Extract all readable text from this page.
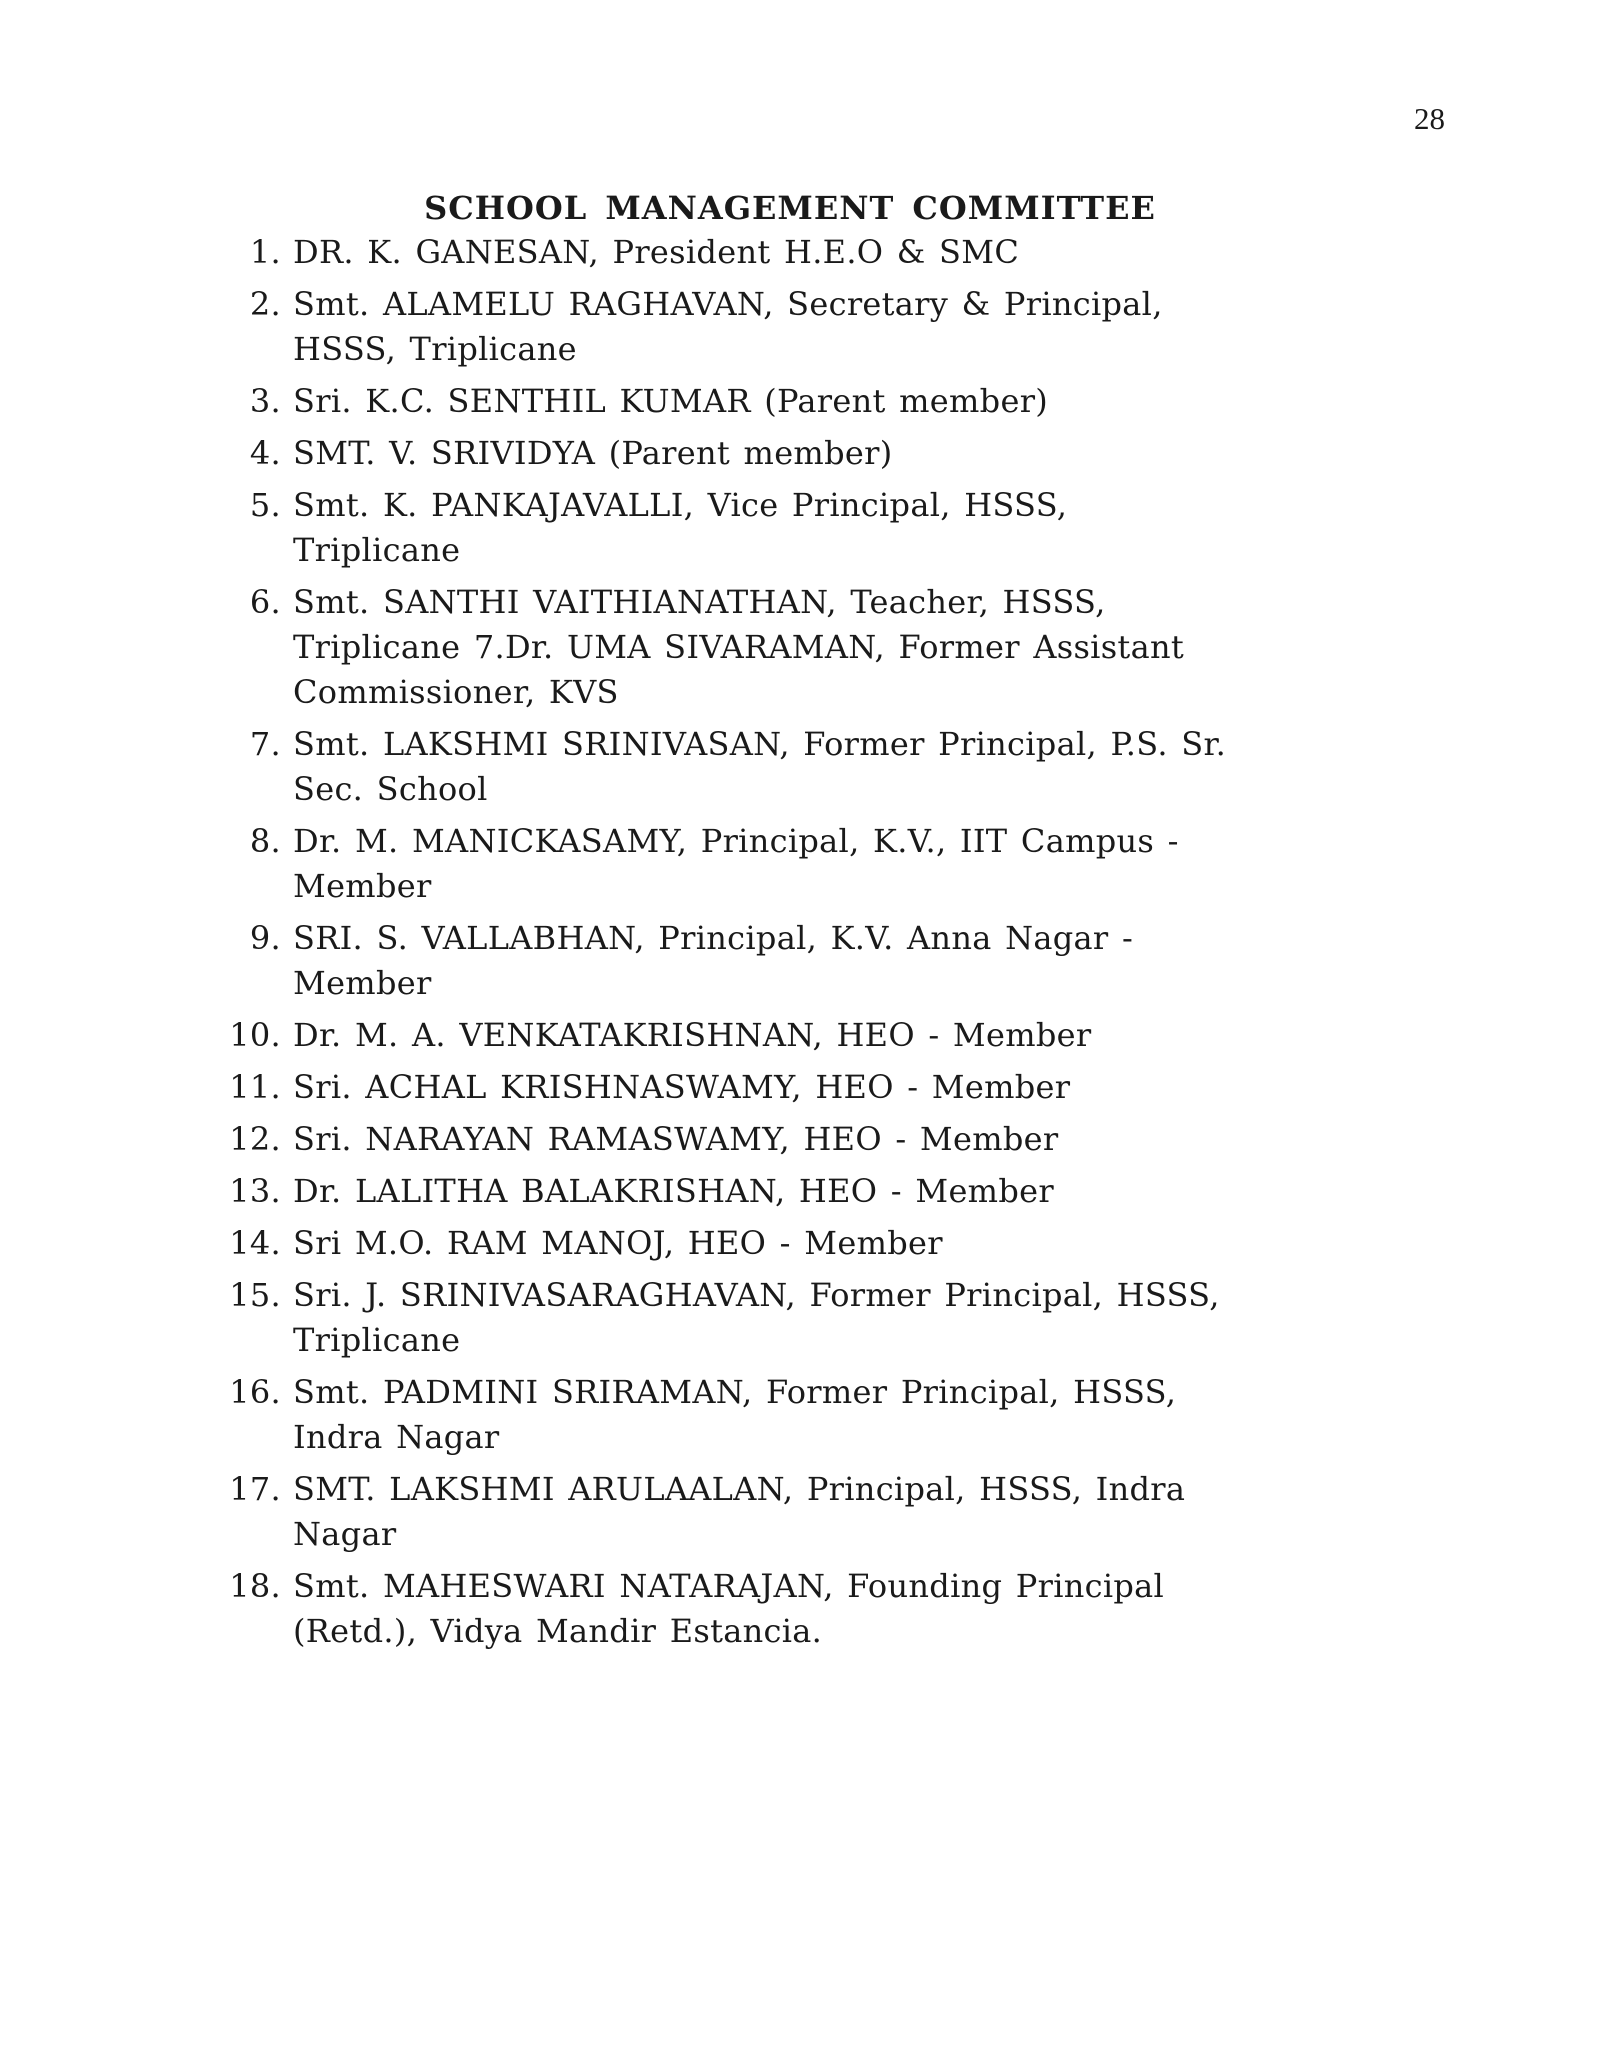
28
SCHOOL MANAGEMENT COMMITTEE
1. DR. K. GANESAN, President H.E.O & SMC
2. Smt. ALAMELU RAGHAVAN, Secretary & Principal,
HSSS, Triplicane
3. Sri. K.C. SENTHIL KUMAR (Parent member)
4. SMT. V. SRIVIDYA (Parent member)
5. Smt. K. PANKAJAVALLI, Vice Principal, HSSS,
Triplicane
6. Smt. SANTHI VAITHIANATHAN, Teacher, HSSS,
Triplicane 7.Dr. UMA SIVARAMAN, Former Assistant
Commissioner, KVS
7. Smt. LAKSHMI SRINIVASAN, Former Principal, P.S. Sr.
Sec. School
8. Dr. M. MANICKASAMY, Principal, K.V., IIT Campus -
Member
9. SRI. S. VALLABHAN, Principal, K.V. Anna Nagar -
Member
10. Dr. M. A. VENKATAKRISHNAN, HEO - Member
11. Sri. ACHAL KRISHNASWAMY, HEO - Member
12. Sri. NARAYAN RAMASWAMY, HEO - Member
13. Dr. LALITHA BALAKRISHAN, HEO - Member
14. Sri M.O. RAM MANOJ, HEO - Member
15. Sri. J. SRINIVASARAGHAVAN, Former Principal, HSSS,
Triplicane
16. Smt. PADMINI SRIRAMAN, Former Principal, HSSS,
Indra Nagar
17. SMT. LAKSHMI ARULAALAN, Principal, HSSS, Indra
Nagar
18. Smt. MAHESWARI NATARAJAN, Founding Principal
(Retd.), Vidya Mandir Estancia.
